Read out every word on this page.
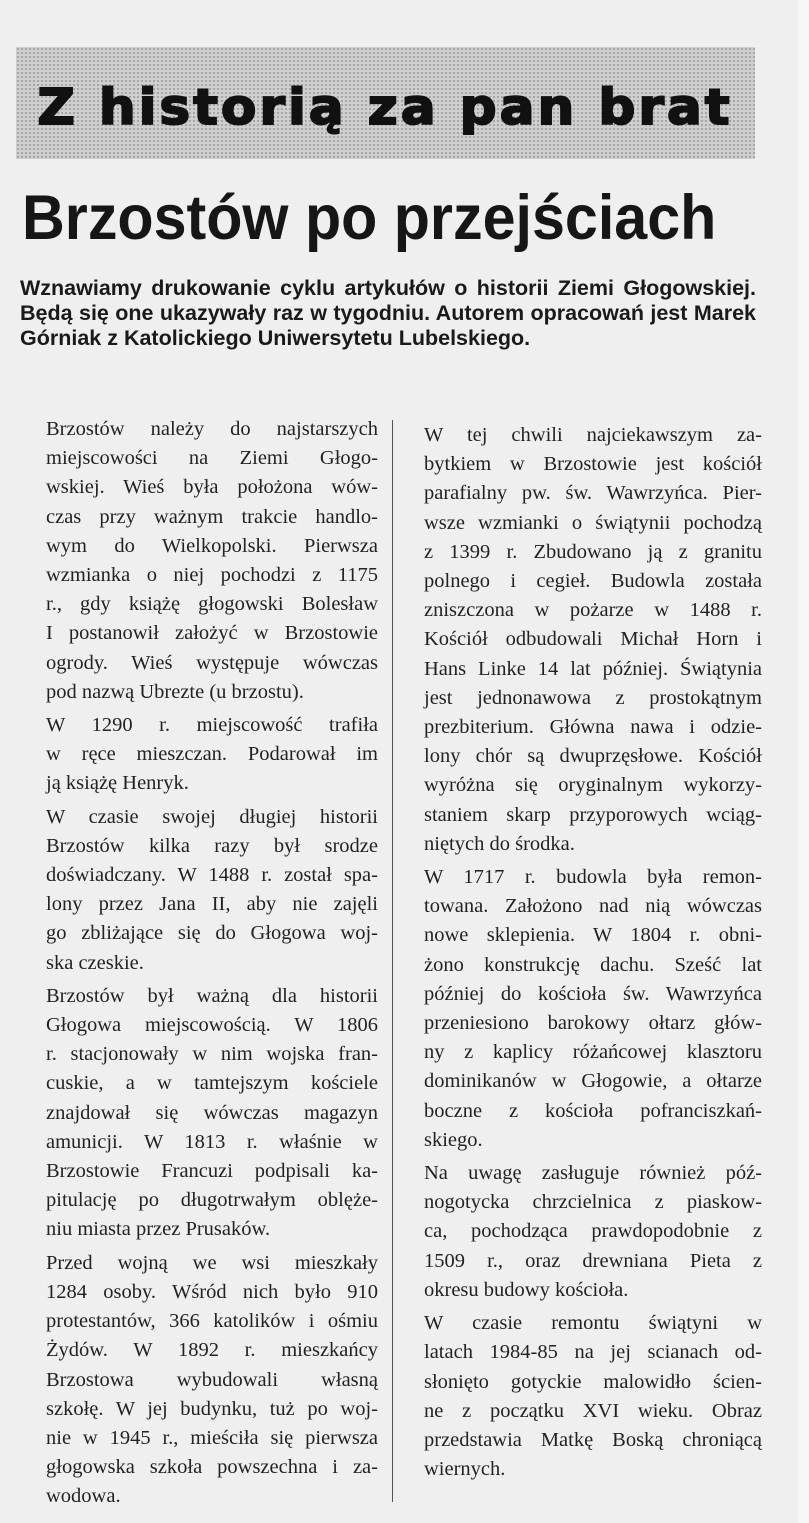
Z historią za pan brat
Brzostów po przejściach
Wznawiamy drukowanie cyklu artykułów o historii Ziemi Głogowskiej. Będą się one ukazywały raz w tygodniu. Autorem opracowań jest Marek Górniak z Katolickiego Uniwersytetu Lubelskiego.

Brzostów należy do najstarszych
miejscowości na Ziemi Głogo-
wskiej. Wieś była położona wów-
czas przy ważnym trakcie handlo-
wym do Wielkopolski. Pierwsza
wzmianka o niej pochodzi z 1175
r., gdy książę głogowski Bolesław
I postanowił założyć w Brzostowie
ogrody. Wieś występuje wówczas
pod nazwą Ubrezte (u brzostu).

W 1290 r. miejscowość trafiła
w ręce mieszczan. Podarował im
ją książę Henryk.

W czasie swojej długiej historii
Brzostów kilka razy był srodze
doświadczany. W 1488 r. został spa-
lony przez Jana II, aby nie zajęli
go zbliżające się do Głogowa woj-
ska czeskie.

Brzostów był ważną dla historii
Głogowa miejscowością. W 1806
r. stacjonowały w nim wojska fran-
cuskie, a w tamtejszym kościele
znajdował się wówczas magazyn
amunicji. W 1813 r. właśnie w
Brzostowie Francuzi podpisali ka-
pitulację po długotrwałym oblęże-
niu miasta przez Prusaków.

Przed wojną we wsi mieszkały
1284 osoby. Wśród nich było 910
protestantów, 366 katolików i ośmiu
Żydów. W 1892 r. mieszkańcy
Brzostowa wybudowali własną
szkołę. W jej budynku, tuż po woj-
nie w 1945 r., mieściła się pierwsza
głogowska szkoła powszechna i za-
wodowa.

W tej chwili najciekawszym za-
bytkiem w Brzostowie jest kościół
parafialny pw. św. Wawrzyńca. Pier-
wsze wzmianki o świątynii pochodzą
z 1399 r. Zbudowano ją z granitu
polnego i cegieł. Budowla została
zniszczona w pożarze w 1488 r.
Kościół odbudowali Michał Horn i
Hans Linke 14 lat później. Świątynia
jest jednonawowa z prostokątnym
prezbiterium. Główna nawa i odzie-
lony chór są dwuprzęsłowe. Kościół
wyróżna się oryginalnym wykorzy-
staniem skarp przyporowych wciąg-
niętych do środka.

W 1717 r. budowla była remon-
towana. Założono nad nią wówczas
nowe sklepienia. W 1804 r. obni-
żono konstrukcję dachu. Sześć lat
później do kościoła św. Wawrzyńca
przeniesiono barokowy ołtarz głów-
ny z kaplicy różańcowej klasztoru
dominikanów w Głogowie, a ołtarze
boczne z kościoła pofranciszkań-
skiego.

Na uwagę zasługuje również póź-
nogotycka chrzcielnica z piaskow-
ca, pochodząca prawdopodobnie z
1509 r., oraz drewniana Pieta z
okresu budowy kościoła.

W czasie remontu świątyni w
latach 1984-85 na jej scianach od-
słonięto gotyckie malowidło ścien-
ne z początku XVI wieku. Obraz
przedstawia Matkę Boską chroniącą
wiernych.
